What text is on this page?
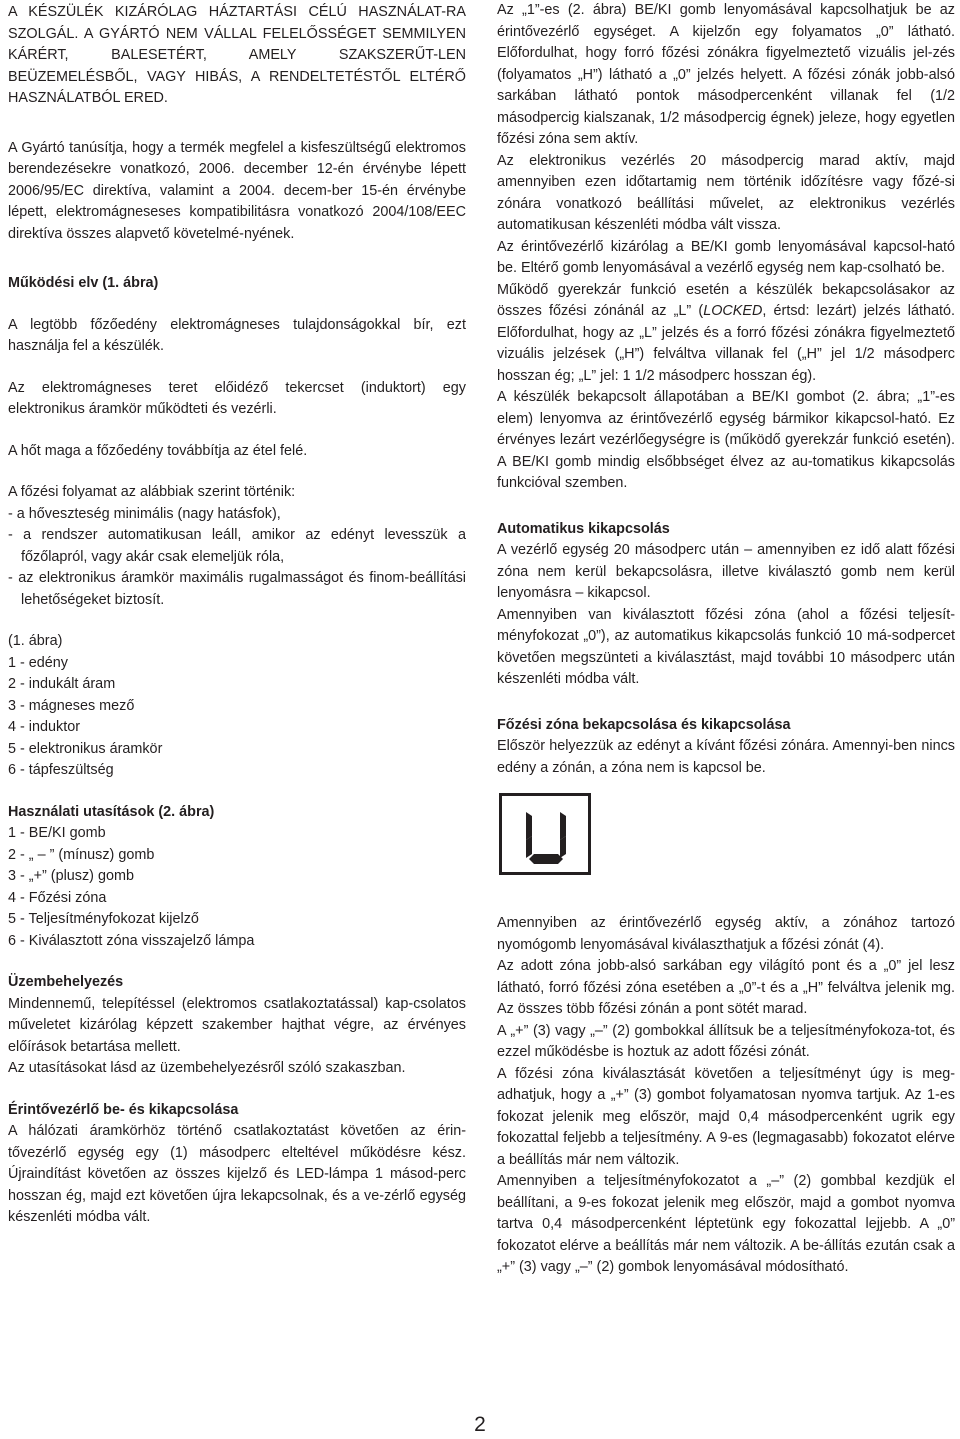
A KÉSZÜLÉK KIZÁRÓLAG HÁZTARTÁSI CÉLÚ HASZNÁLAT-RA SZOLGÁL. A GYÁRTÓ NEM VÁLLAL FELELŐSSÉGET SEMMILYEN KÁRÉRT, BALESETÉRT, AMELY SZAKSZERŰT-LEN BEÜZEMELÉSBŐL, VAGY HIBÁS, A RENDELTETÉSTŐL ELTÉRŐ HASZNÁLATBÓL ERED.

A Gyártó tanúsítja, hogy a termék megfelel a kisfeszültségű elektromos berendezésekre vonatkozó, 2006. december 12-én érvénybe lépett 2006/95/EC direktíva, valamint a 2004. decem-ber 15-én érvénybe lépett, elektromágneseses kompatibilitásra vonatkozó 2004/108/EEC direktíva összes alapvető követelmé-nyének.

Működési elv (1. ábra)

A legtöbb főzőedény elektromágneses tulajdonságokkal bír, ezt használja fel a készülék.

Az elektromágneses teret előidéző tekercset (induktort) egy elektronikus áramkör működteti és vezérli.

A hőt maga a főzőedény továbbítja az étel felé.

A főzési folyamat az alábbiak szerint történik:

- a hőveszteség minimális (nagy hatásfok),
- a rendszer automatikusan leáll, amikor az edényt levesszük a főzőlapról, vagy akár csak elemeljük róla,
- az elektronikus áramkör maximális rugalmasságot és finom-beállítási lehetőségeket biztosít.

(1. ábra)

1 - edény
2 - indukált áram
3 - mágneses mező
4 - induktor
5 - elektronikus áramkör
6 - tápfeszültség
Használati utasítások (2. ábra)
1 - BE/KI gomb
2 - „ – ” (mínusz) gomb
3 - „+” (plusz) gomb
4 - Főzési zóna
5 - Teljesítményfokozat kijelző
6 - Kiválasztott zóna visszajelző lámpa
Üzembehelyezés

Mindennemű, telepítéssel (elektromos csatlakoztatással) kap-csolatos műveletet kizárólag képzett szakember hajthat végre, az érvényes előírások betartása mellett.

Az utasításokat lásd az üzembehelyezésről szóló szakaszban.

Érintővezérlő be- és kikapcsolása

A hálózati áramkörhöz történő csatlakoztatást követően az érin-tővezérlő egység egy (1) másodperc elteltével működésre kész. Újraindítást követően az összes kijelző és LED-lámpa 1 másod-perc hosszan ég, majd ezt követően újra lekapcsolnak, és a ve-zérlő egység készenléti módba vált.

Az „1”-es (2. ábra) BE/KI gomb lenyomásával kapcsolhatjuk be az érintővezérlő egységet. A kijelzőn egy folyamatos „0” látható. Előfordulhat, hogy forró főzési zónákra figyelmeztető vizuális jel-zés (folyamatos „H”) látható a „0” jelzés helyett. A főzési zónák jobb-alsó sarkában látható pontok másodpercenként villanak fel (1/2 másodpercig kialszanak, 1/2 másodpercig égnek) jeleze, hogy egyetlen főzési zóna sem aktív.

Az elektronikus vezérlés 20 másodpercig marad aktív, majd amennyiben ezen időtartamig nem történik időzítésre vagy főzé-si zónára vonatkozó beállítási művelet, az elektronikus vezérlés automatikusan készenléti módba vált vissza.

Az érintővezérlő kizárólag a BE/KI gomb lenyomásával kapcsol-ható be. Eltérő gomb lenyomásával a vezérlő egység nem kap-csolható be.

Működő gyerekzár funkció esetén a készülék bekapcsolásakor az összes főzési zónánál az „L” (LOCKED, értsd: lezárt) jelzés látható. Előfordulhat, hogy az „L” jelzés és a forró főzési zónákra figyelmeztető vizuális jelzések („H”) felváltva villanak fel („H” jel 1/2 másodperc hosszan ég; „L” jel: 1 1/2 másodperc hosszan ég).

A készülék bekapcsolt állapotában a BE/KI gombot (2. ábra; „1”-es elem) lenyomva az érintővezérlő egység bármikor kikapcsol-ható. Ez érvényes lezárt vezérlőegységre is (működő gyerekzár funkció esetén). A BE/KI gomb mindig elsőbbséget élvez az au-tomatikus kikapcsolás funkcióval szemben.

Automatikus kikapcsolás

A vezérlő egység 20 másodperc után – amennyiben ez idő alatt főzési zóna nem kerül bekapcsolásra, illetve kiválasztó gomb nem kerül lenyomásra – kikapcsol.

Amennyiben van kiválasztott főzési zóna (ahol a főzési teljesít-ményfokozat „0”), az automatikus kikapcsolás funkció 10 má-sodpercet követően megszünteti a kiválasztást, majd további 10 másodperc után készenléti módba vált.

Főzési zóna bekapcsolása és kikapcsolása

Először helyezzük az edényt a kívánt főzési zónára. Amennyi-ben nincs edény a zónán, a zóna nem is kapcsol be.

Amennyiben az érintővezérlő egység aktív, a zónához tartozó nyomógomb lenyomásával kiválaszthatjuk a főzési zónát (4).

Az adott zóna jobb-alsó sarkában egy világító pont és a „0” jel lesz látható, forró főzési zóna esetében a „0”-t és a „H” felváltva jelenik mg. Az összes több főzési zónán a pont sötét marad.

A „+” (3) vagy „–” (2) gombokkal állítsuk be a teljesítményfokoza-tot, és ezzel működésbe is hoztuk az adott főzési zónát.

A főzési zóna kiválasztását követően a teljesítményt úgy is meg-adhatjuk, hogy a „+” (3) gombot folyamatosan nyomva tartjuk. Az 1-es fokozat jelenik meg először, majd 0,4 másodpercenként ugrik egy fokozattal feljebb a teljesítmény. A 9-es (legmagasabb) fokozatot elérve a beállítás már nem változik.

Amennyiben a teljesítményfokozatot a „–” (2) gombbal kezdjük el beállítani, a 9-es fokozat jelenik meg először, majd a gombot nyomva tartva 0,4 másodpercenként léptetünk egy fokozattal lejjebb. A „0” fokozatot elérve a beállítás már nem változik. A be-állítás ezután csak a „+” (3) vagy „–” (2) gombok lenyomásával módosítható.

2
